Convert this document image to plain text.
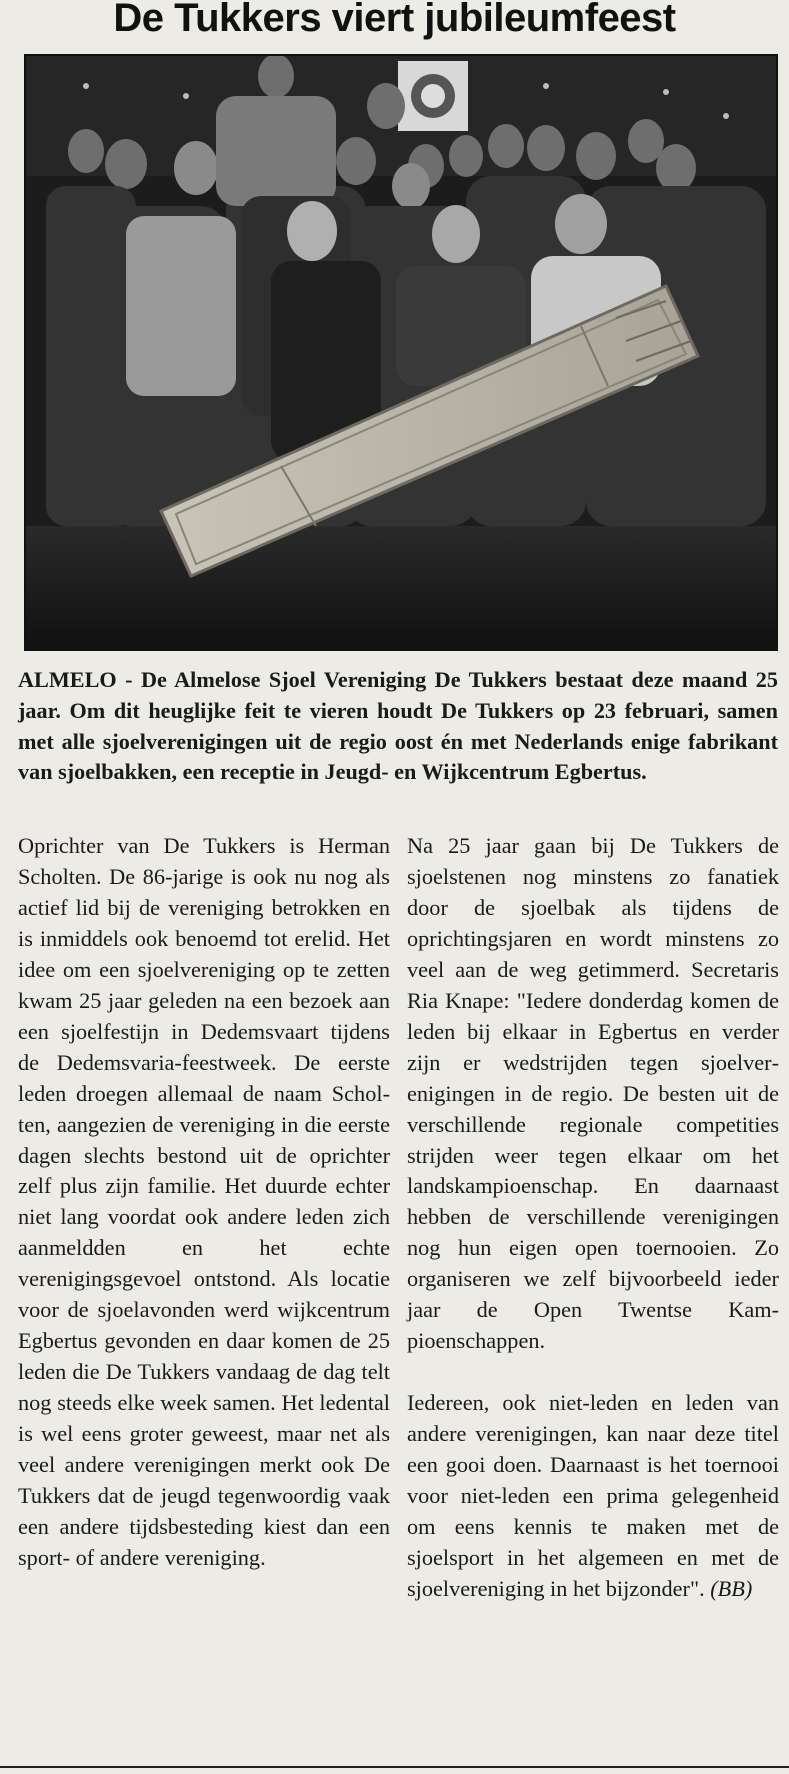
De Tukkers viert jubileumfeest

ALMELO - De Almelose Sjoel Vereniging De Tukkers bestaat deze maand 25 jaar. Om dit heuglijke feit te vieren houdt De Tukkers op 23 februari, samen met alle sjoelverenigingen uit de regio oost én met Nederlands enige fabrikant van sjoelbakken, een receptie in Jeugd- en Wijkcentrum Egbertus.

Oprichter van De Tukkers is Herman Scholten. De 86-jarige is ook nu nog als actief lid bij de vereniging betrokken en is inmiddels ook benoemd tot erelid. Het idee om een sjoelvereniging op te zetten kwam 25 jaar geleden na een bezoek aan een sjoelfestijn in Dedemsvaart tijdens de Dedemsvaria-feestweek. De eerste leden droegen allemaal de naam Scholten, aangezien de vereniging in die eerste dagen slechts bestond uit de oprichter zelf plus zijn familie. Het duurde echter niet lang voordat ook andere leden zich aanmeldden en het echte verenigingsgevoel ontstond. Als locatie voor de sjoelavonden werd wijkcentrum Egbertus gevonden en daar komen de 25 leden die De Tukkers vandaag de dag telt nog steeds elke week samen. Het ledental is wel eens groter geweest, maar net als veel andere verenigingen merkt ook De Tukkers dat de jeugd tegenwoordig vaak een andere tijdsbesteding kiest dan een sport- of andere vereniging.

Na 25 jaar gaan bij De Tukkers de sjoelstenen nog minstens zo fanatiek door de sjoelbak als tijdens de oprichtingsjaren en wordt minstens zo veel aan de weg getimmerd. Secretaris Ria Knape: "Iedere donderdag komen de leden bij elkaar in Egbertus en verder zijn er wedstrijden tegen sjoelverenigingen in de regio. De besten uit de verschillende regionale competities strijden weer tegen elkaar om het landskampioenschap. En daarnaast hebben de verschillende verenigingen nog hun eigen open toernooien. Zo organiseren we zelf bijvoorbeeld ieder jaar de Open Twentse Kampioenschappen.

Iedereen, ook niet-leden en leden van andere verenigingen, kan naar deze titel een gooi doen. Daarnaast is het toernooi voor niet-leden een prima gelegenheid om eens kennis te maken met de sjoelsport in het algemeen en met de sjoelvereniging in het bijzonder". (BB)
